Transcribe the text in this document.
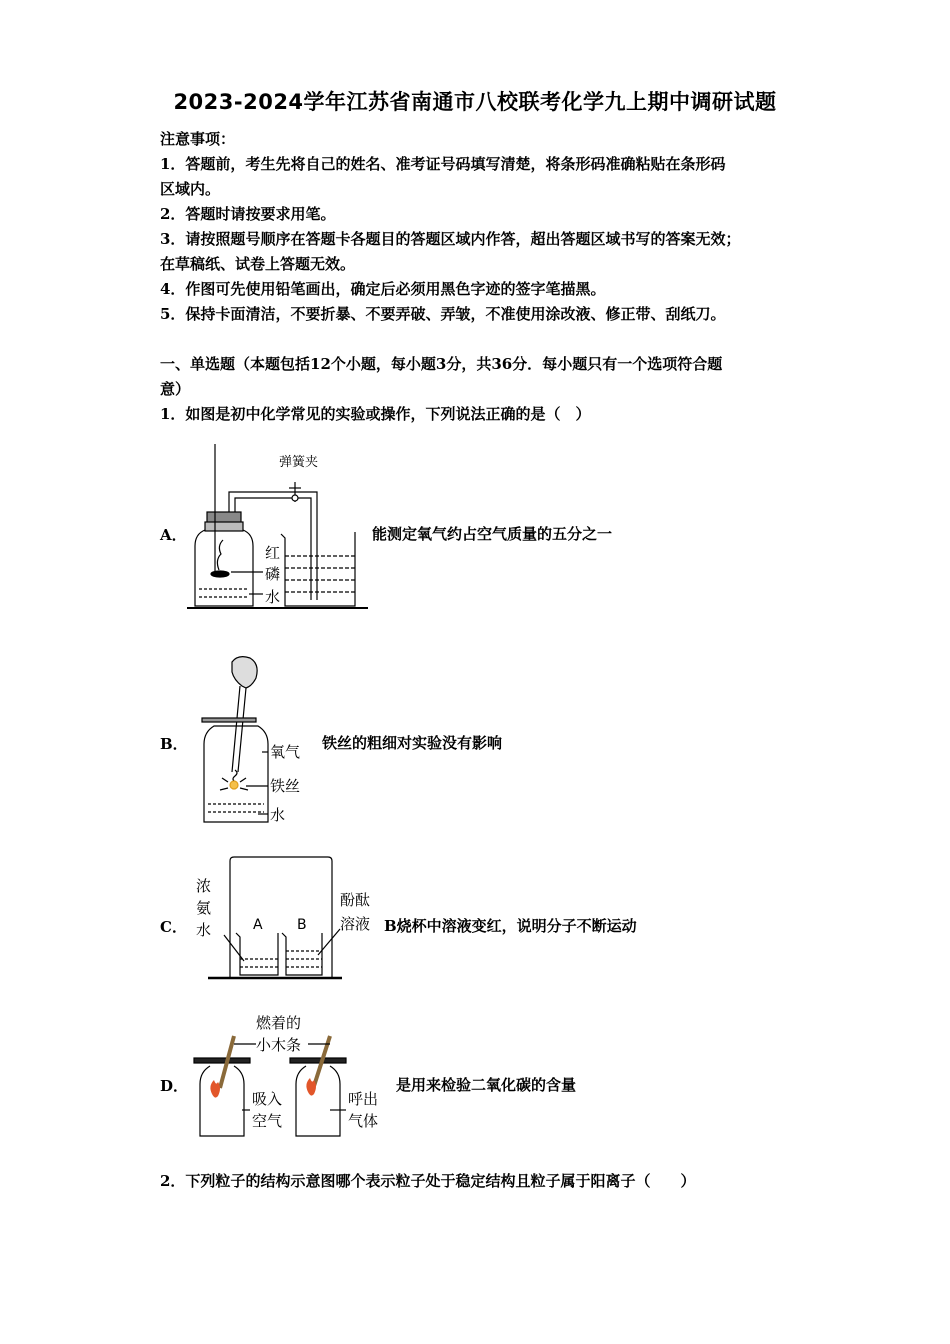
2023-2024学年江苏省南通市八校联考化学九上期中调研试题
注意事项：
1．答题前，考生先将自己的姓名、准考证号码填写清楚，将条形码准确粘贴在条形码
区域内。
2．答题时请按要求用笔。
3．请按照题号顺序在答题卡各题目的答题区域内作答，超出答题区域书写的答案无效；
在草稿纸、试卷上答题无效。
4．作图可先使用铅笔画出，确定后必须用黑色字迹的签字笔描黑。
5．保持卡面清洁，不要折暴、不要弄破、弄皱，不准使用涂改液、修正带、刮纸刀。
一、单选题（本题包括12个小题，每小题3分，共36分．每小题只有一个选项符合题
意）
1．如图是初中化学常见的实验或操作，下列说法正确的是（　）
A．
弹簧夹
红
磷
水
能测定氧气约占空气质量的五分之一
B．	氧气
铁丝
水
铁丝的粗细对实验没有影响
C．	A B
浓
氨
水
酚酞
溶液 B烧杯中溶液变红，说明分子不断运动
D．
燃着的
小木条
吸入
空气
呼出
气体
是用来检验二氧化碳的含量
2．下列粒子的结构示意图哪个表示粒子处于稳定结构且粒子属于阳离子（　　）
